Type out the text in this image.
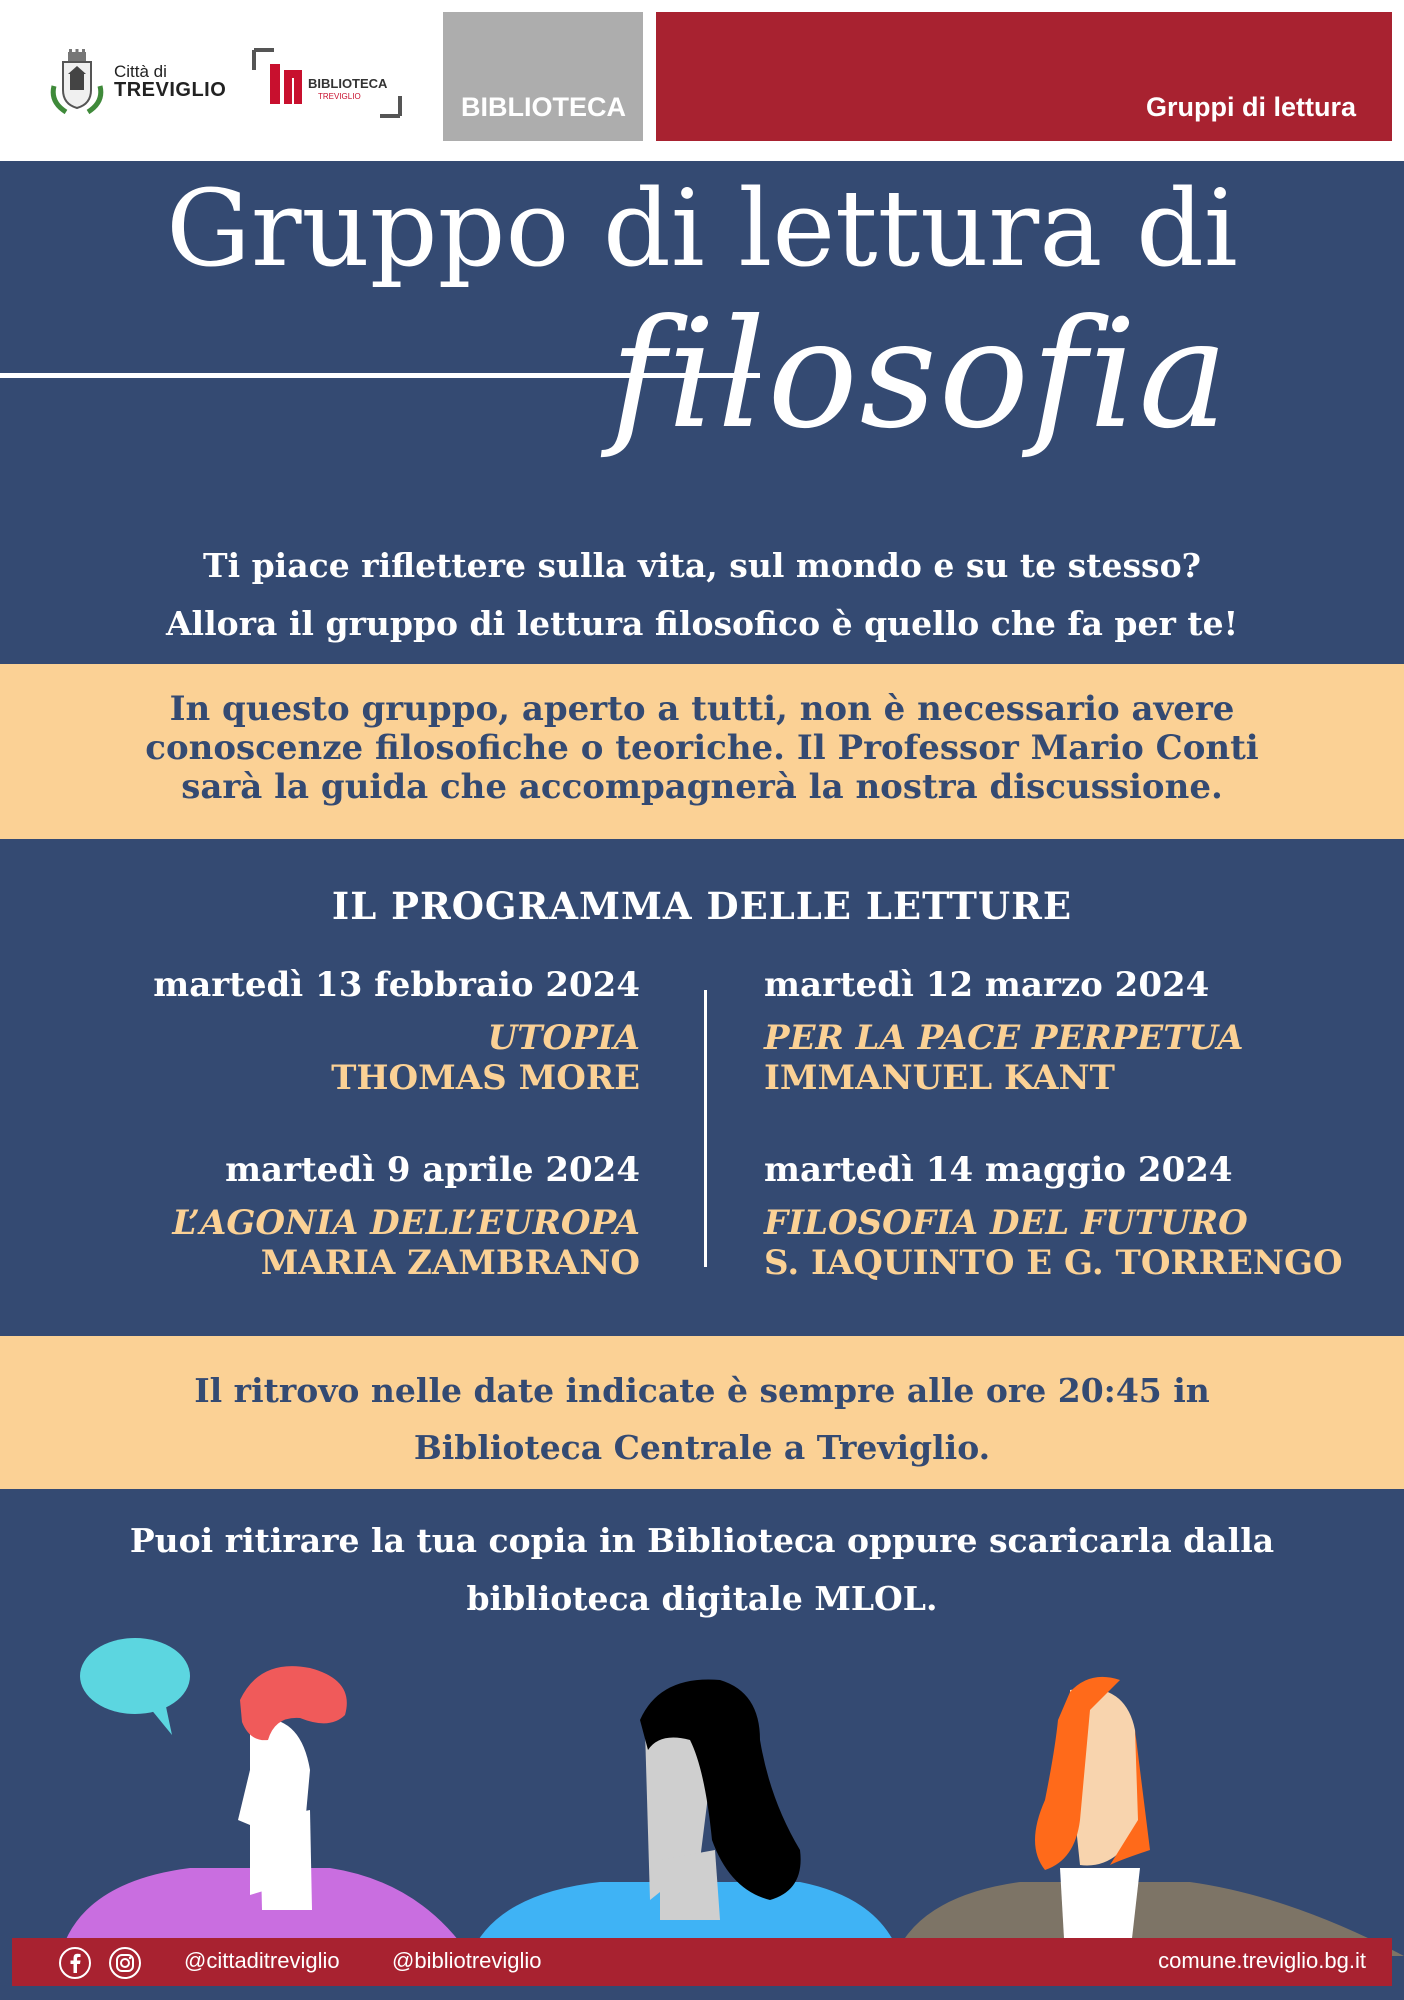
Città di
TREVIGLIO	BIBLIOTECA
TREVIGLIO	BIBLIOTECA	Gruppi di lettura
Gruppo di lettura di
filosofia
Ti piace riflettere sulla vita, sul mondo e su te stesso?
Allora il gruppo di lettura filosofico è quello che fa per te!

In questo gruppo, aperto a tutti, non è necessario avere
conoscenze filosofiche o teoriche. Il Professor Mario Conti
sarà la guida che accompagnerà la nostra discussione.

IL PROGRAMMA DELLE LETTURE
martedì 13 febbraio 2024
UTOPIA
THOMAS MORE
martedì 12 marzo 2024
PER LA PACE PERPETUA
IMMANUEL KANT
martedì 9 aprile 2024
L’AGONIA DELL’EUROPA
MARIA ZAMBRANO
martedì 14 maggio 2024
FILOSOFIA DEL FUTURO
S. IAQUINTO E G. TORRENGO

Il ritrovo nelle date indicate è sempre alle ore 20:45 in
Biblioteca Centrale a Treviglio.

Puoi ritirare la tua copia in Biblioteca oppure scaricarla dalla
biblioteca digitale MLOL.
@cittaditreviglio @bibliotreviglio	comune.treviglio.bg.it
